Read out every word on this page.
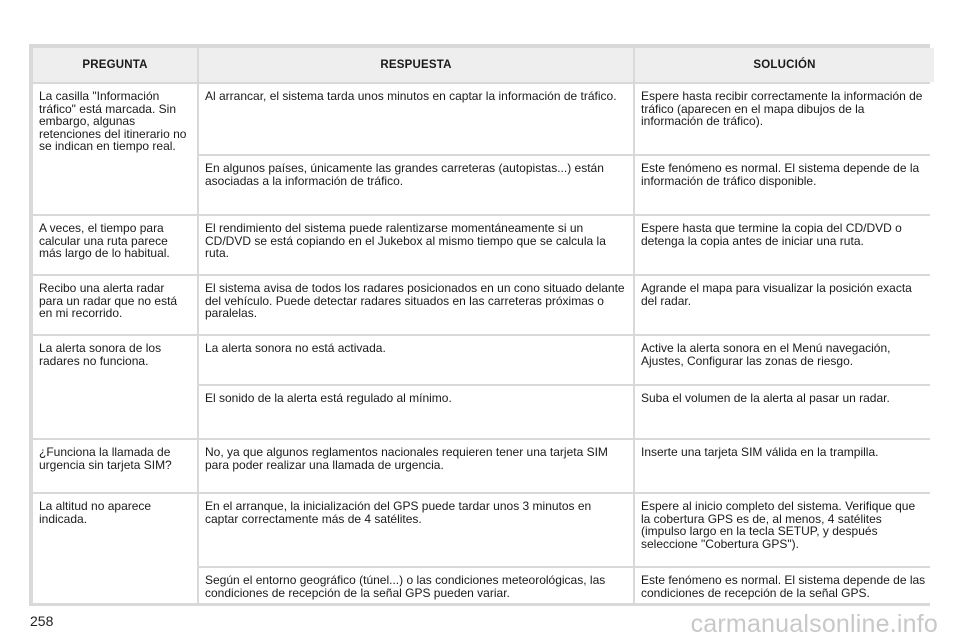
PREGUNTA	RESPUESTA	SOLUCIÓN
La casilla "Información tráfico" está marcada. Sin embargo, algunas retenciones del itinerario no se indican en tiempo real.	Al arrancar, el sistema tarda unos minutos en captar la información de tráfico.	Espere hasta recibir correctamente la información de tráfico (aparecen en el mapa dibujos de la información de tráfico).
	En algunos países, únicamente las grandes carreteras (autopistas...) están asociadas a la información de tráfico.	Este fenómeno es normal. El sistema depende de la información de tráfico disponible.
A veces, el tiempo para calcular una ruta parece más largo de lo habitual.	El rendimiento del sistema puede ralentizarse momentáneamente si un CD/DVD se está copiando en el Jukebox al mismo tiempo que se calcula la ruta.	Espere hasta que termine la copia del CD/DVD o detenga la copia antes de iniciar una ruta.
Recibo una alerta radar para un radar que no está en mi recorrido.	El sistema avisa de todos los radares posicionados en un cono situado delante del vehículo. Puede detectar radares situados en las carreteras próximas o paralelas.	Agrande el mapa para visualizar la posición exacta del radar.
La alerta sonora de los radares no funciona.	La alerta sonora no está activada.	Active la alerta sonora en el Menú navegación, Ajustes, Configurar las zonas de riesgo.
	El sonido de la alerta está regulado al mínimo.	Suba el volumen de la alerta al pasar un radar.
¿Funciona la llamada de urgencia sin tarjeta SIM?	No, ya que algunos reglamentos nacionales requieren tener una tarjeta SIM para poder realizar una llamada de urgencia.	Inserte una tarjeta SIM válida en la trampilla.
La altitud no aparece indicada.	En el arranque, la inicialización del GPS puede tardar unos 3 minutos en captar correctamente más de 4 satélites.	Espere al inicio completo del sistema. Verifique que la cobertura GPS es de, al menos, 4 satélites (impulso largo en la tecla SETUP, y después seleccione "Cobertura GPS").
	Según el entorno geográfico (túnel...) o las condiciones meteorológicas, las condiciones de recepción de la señal GPS pueden variar.	Este fenómeno es normal. El sistema depende de las condiciones de recepción de la señal GPS.
258	carmanualsonline.info
